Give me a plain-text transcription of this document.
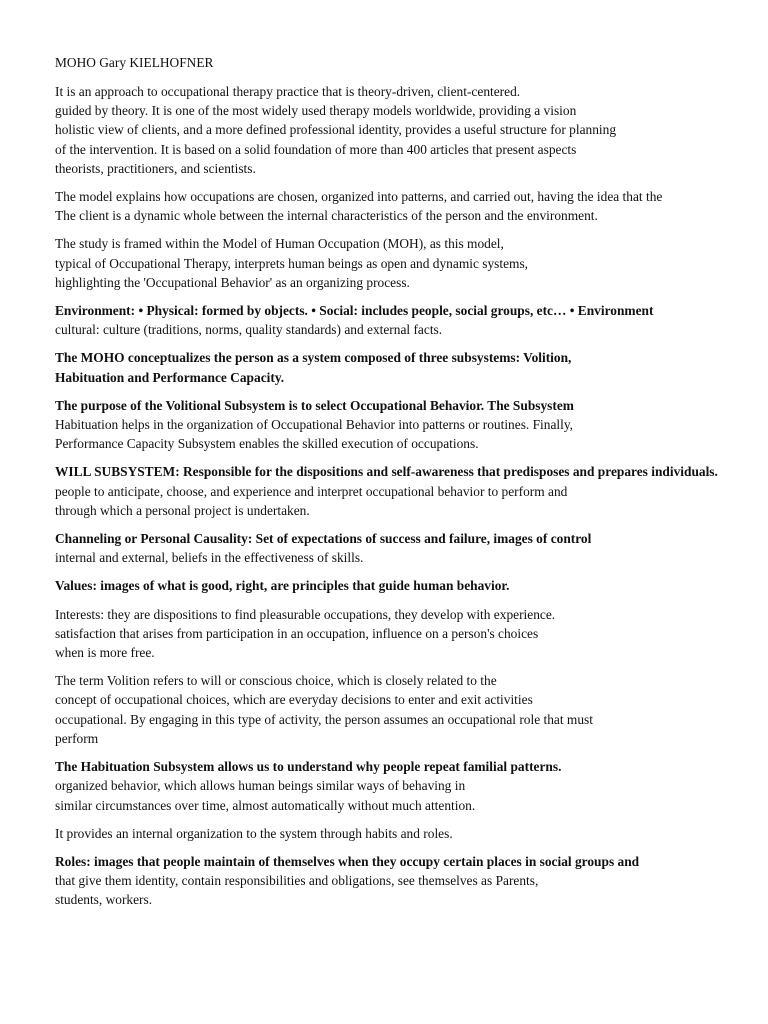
MOHO Gary KIELHOFNER
It is an approach to occupational therapy practice that is theory-driven, client-centered.
guided by theory. It is one of the most widely used therapy models worldwide, providing a vision
holistic view of clients, and a more defined professional identity, provides a useful structure for planning
of the intervention. It is based on a solid foundation of more than 400 articles that present aspects
theorists, practitioners, and scientists.
The model explains how occupations are chosen, organized into patterns, and carried out, having the idea that the
The client is a dynamic whole between the internal characteristics of the person and the environment.
The study is framed within the Model of Human Occupation (MOH), as this model,
typical of Occupational Therapy, interprets human beings as open and dynamic systems,
highlighting the 'Occupational Behavior' as an organizing process.
Environment: • Physical: formed by objects. • Social: includes people, social groups, etc… • Environment
cultural: culture (traditions, norms, quality standards) and external facts.
The MOHO conceptualizes the person as a system composed of three subsystems: Volition,
Habituation and Performance Capacity.
The purpose of the Volitional Subsystem is to select Occupational Behavior. The Subsystem
Habituation helps in the organization of Occupational Behavior into patterns or routines. Finally,
Performance Capacity Subsystem enables the skilled execution of occupations.
WILL SUBSYSTEM: Responsible for the dispositions and self-awareness that predisposes and prepares individuals.
people to anticipate, choose, and experience and interpret occupational behavior to perform and
through which a personal project is undertaken.
Channeling or Personal Causality: Set of expectations of success and failure, images of control
internal and external, beliefs in the effectiveness of skills.
Values: images of what is good, right, are principles that guide human behavior.
Interests: they are dispositions to find pleasurable occupations, they develop with experience.
satisfaction that arises from participation in an occupation, influence on a person's choices
when is more free.
The term Volition refers to will or conscious choice, which is closely related to the
concept of occupational choices, which are everyday decisions to enter and exit activities
occupational. By engaging in this type of activity, the person assumes an occupational role that must
perform
The Habituation Subsystem allows us to understand why people repeat familial patterns.
organized behavior, which allows human beings similar ways of behaving in
similar circumstances over time, almost automatically without much attention.
It provides an internal organization to the system through habits and roles.
Roles: images that people maintain of themselves when they occupy certain places in social groups and
that give them identity, contain responsibilities and obligations, see themselves as Parents,
students, workers.
